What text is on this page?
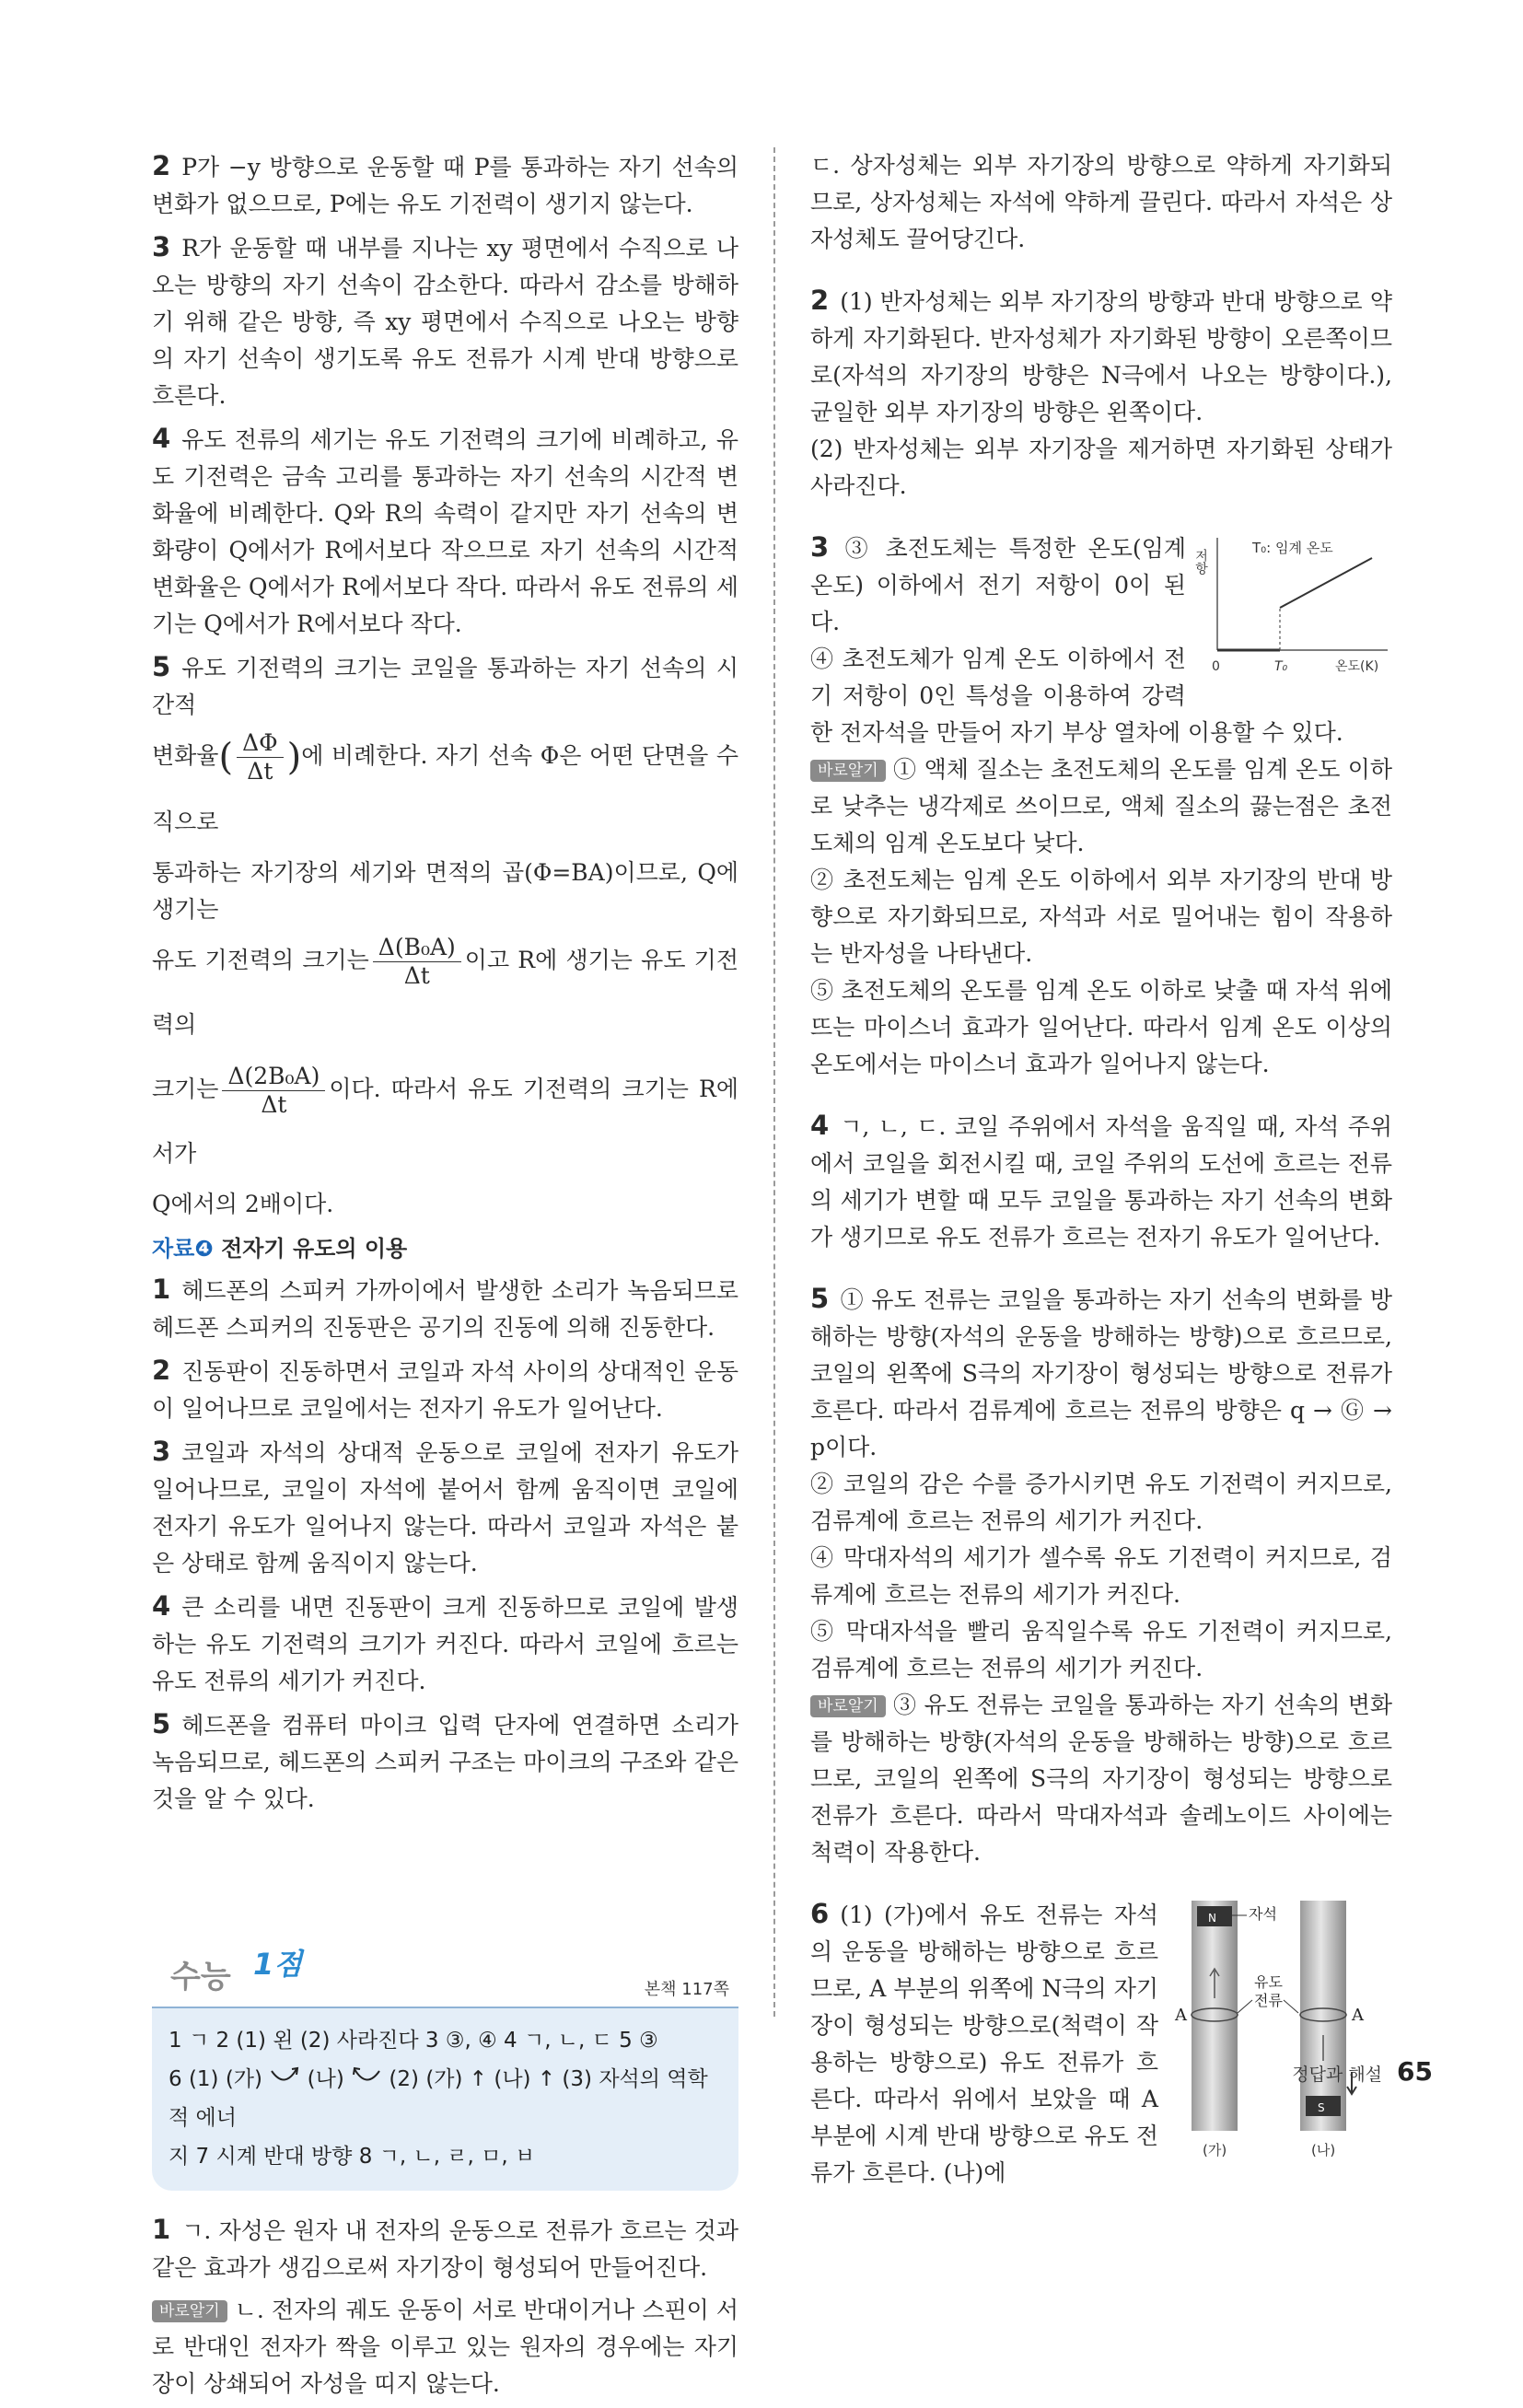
2 P가 −y 방향으로 운동할 때 P를 통과하는 자기 선속의 변화가 없으므로, P에는 유도 기전력이 생기지 않는다.

3 R가 운동할 때 내부를 지나는 xy 평면에서 수직으로 나오는 방향의 자기 선속이 감소한다. 따라서 감소를 방해하기 위해 같은 방향, 즉 xy 평면에서 수직으로 나오는 방향의 자기 선속이 생기도록 유도 전류가 시계 반대 방향으로 흐른다.

4 유도 전류의 세기는 유도 기전력의 크기에 비례하고, 유도 기전력은 금속 고리를 통과하는 자기 선속의 시간적 변화율에 비례한다. Q와 R의 속력이 같지만 자기 선속의 변화량이 Q에서가 R에서보다 작으므로 자기 선속의 시간적 변화율은 Q에서가 R에서보다 작다. 따라서 유도 전류의 세기는 Q에서가 R에서보다 작다.

5 유도 기전력의 크기는 코일을 통과하는 자기 선속의 시간적

변화율( $\frac{\Delta\Phi}{\Delta t}$ )에 비례한다. 자기 선속 Φ은 어떤 단면을 수직으로

통과하는 자기장의 세기와 면적의 곱(Φ=BA)이므로, Q에 생기는

유도 기전력의 크기는 $\frac{\text{Δ(B₀A)}}{\Delta t}$ 이고 R에 생기는 유도 기전력의

크기는 $\frac{\text{Δ(2B₀A)}}{\Delta t}$ 이다. 따라서 유도 기전력의 크기는 R에서가

Q에서의 2배이다.

자료❹ 전자기 유도의 이용

1 헤드폰의 스피커 가까이에서 발생한 소리가 녹음되므로 헤드폰 스피커의 진동판은 공기의 진동에 의해 진동한다.

2 진동판이 진동하면서 코일과 자석 사이의 상대적인 운동이 일어나므로 코일에서는 전자기 유도가 일어난다.

3 코일과 자석의 상대적 운동으로 코일에 전자기 유도가 일어나므로, 코일이 자석에 붙어서 함께 움직이면 코일에 전자기 유도가 일어나지 않는다. 따라서 코일과 자석은 붙은 상태로 함께 움직이지 않는다.

4 큰 소리를 내면 진동판이 크게 진동하므로 코일에 발생하는 유도 기전력의 크기가 커진다. 따라서 코일에 흐르는 유도 전류의 세기가 커진다.

5 헤드폰을 컴퓨터 마이크 입력 단자에 연결하면 소리가 녹음되므로, 헤드폰의 스피커 구조는 마이크의 구조와 같은 것을 알 수 있다.

수능 1점
본책 117쪽
1 ㄱ 2 (1) 왼 (2) 사라진다 3 ③, ④ 4 ㄱ, ㄴ, ㄷ 5 ③
6 (1) (가) (나) (2) (가) ↑ (나) ↑ (3) 자석의 역학적 에너
지 7 시계 반대 방향 8 ㄱ, ㄴ, ㄹ, ㅁ, ㅂ

1 ㄱ. 자성은 원자 내 전자의 운동으로 전류가 흐르는 것과 같은 효과가 생김으로써 자기장이 형성되어 만들어진다.

바로알기 ㄴ. 전자의 궤도 운동이 서로 반대이거나 스핀이 서로 반대인 전자가 짝을 이루고 있는 원자의 경우에는 자기장이 상쇄되어 자성을 띠지 않는다.

ㄷ. 상자성체는 외부 자기장의 방향으로 약하게 자기화되므로, 상자성체는 자석에 약하게 끌린다. 따라서 자석은 상자성체도 끌어당긴다.

2 (1) 반자성체는 외부 자기장의 방향과 반대 방향으로 약하게 자기화된다. 반자성체가 자기화된 방향이 오른쪽이므로(자석의 자기장의 방향은 N극에서 나오는 방향이다.), 균일한 외부 자기장의 방향은 왼쪽이다.

(2) 반자성체는 외부 자기장을 제거하면 자기화된 상태가 사라진다.

저항
T₀: 임계 온도
0	T₀	온도(K)

3 ③ 초전도체는 특정한 온도(임계 온도) 이하에서 전기 저항이 0이 된다.

④ 초전도체가 임계 온도 이하에서 전기 저항이 0인 특성을 이용하여 강력한 전자석을 만들어 자기 부상 열차에 이용할 수 있다.

바로알기 ① 액체 질소는 초전도체의 온도를 임계 온도 이하로 낮추는 냉각제로 쓰이므로, 액체 질소의 끓는점은 초전도체의 임계 온도보다 낮다.

② 초전도체는 임계 온도 이하에서 외부 자기장의 반대 방향으로 자기화되므로, 자석과 서로 밀어내는 힘이 작용하는 반자성을 나타낸다.

⑤ 초전도체의 온도를 임계 온도 이하로 낮출 때 자석 위에 뜨는 마이스너 효과가 일어난다. 따라서 임계 온도 이상의 온도에서는 마이스너 효과가 일어나지 않는다.

4 ㄱ, ㄴ, ㄷ. 코일 주위에서 자석을 움직일 때, 자석 주위에서 코일을 회전시킬 때, 코일 주위의 도선에 흐르는 전류의 세기가 변할 때 모두 코일을 통과하는 자기 선속의 변화가 생기므로 유도 전류가 흐르는 전자기 유도가 일어난다.

5 ① 유도 전류는 코일을 통과하는 자기 선속의 변화를 방해하는 방향(자석의 운동을 방해하는 방향)으로 흐르므로, 코일의 왼쪽에 S극의 자기장이 형성되는 방향으로 전류가 흐른다. 따라서 검류계에 흐르는 전류의 방향은 q → Ⓖ → p이다.

② 코일의 감은 수를 증가시키면 유도 기전력이 커지므로, 검류계에 흐르는 전류의 세기가 커진다.

④ 막대자석의 세기가 셀수록 유도 기전력이 커지므로, 검류계에 흐르는 전류의 세기가 커진다.

⑤ 막대자석을 빨리 움직일수록 유도 기전력이 커지므로, 검류계에 흐르는 전류의 세기가 커진다.

바로알기 ③ 유도 전류는 코일을 통과하는 자기 선속의 변화를 방해하는 방향(자석의 운동을 방해하는 방향)으로 흐르므로, 코일의 왼쪽에 S극의 자기장이 형성되는 방향으로 전류가 흐른다. 따라서 막대자석과 솔레노이드 사이에는 척력이 작용한다.

N
S
자석
유도
전류
A	A
(가)	(나)

6 (1) (가)에서 유도 전류는 자석의 운동을 방해하는 방향으로 흐르므로, A 부분의 위쪽에 N극의 자기장이 형성되는 방향으로(척력이 작용하는 방향으로) 유도 전류가 흐른다. 따라서 위에서 보았을 때 A 부분에 시계 반대 방향으로 유도 전류가 흐른다. (나)에

정답과 해설 65
